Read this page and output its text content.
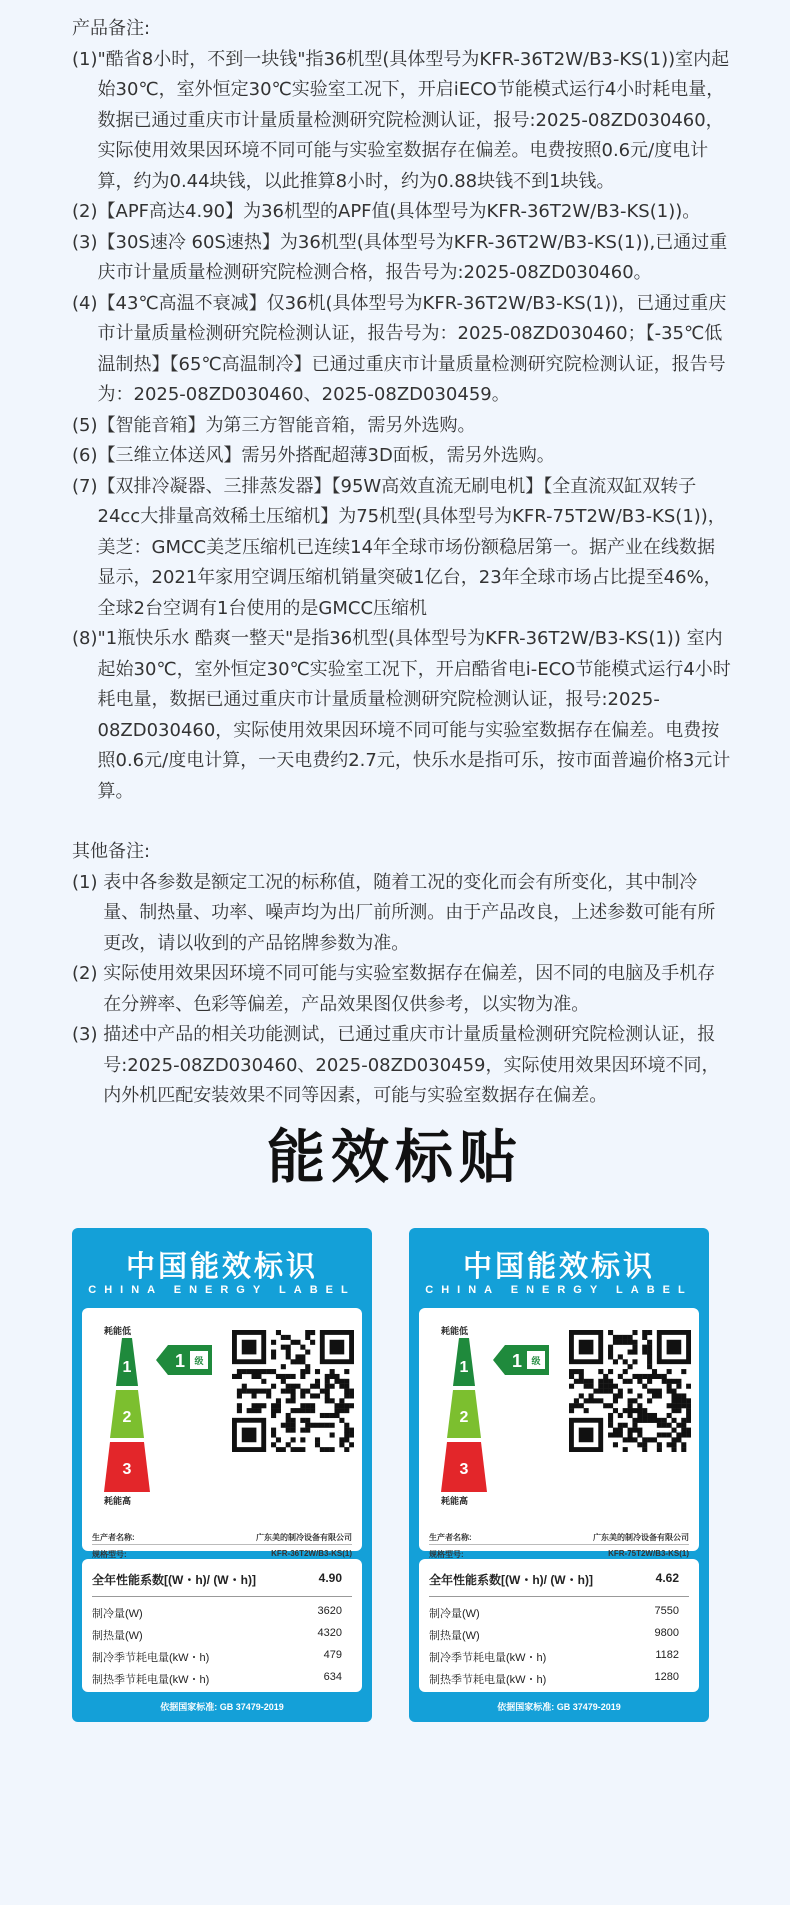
产品备注:
(1) "酷省8小时，不到一块钱"指36机型(具体型号为KFR-36T2W/B3-KS(1))室内起始30℃，室外恒定30℃实验室工况下，开启iECO节能模式运行4小时耗电量，数据已通过重庆市计量质量检测研究院检测认证，报号:2025-08ZD030460，实际使用效果因环境不同可能与实验室数据存在偏差。电费按照0.6元/度电计算，约为0.44块钱，以此推算8小时，约为0.88块钱不到1块钱。
(2) 【APF高达4.90】为36机型的APF值(具体型号为KFR-36T2W/B3-KS(1))。
(3) 【30S速冷 60S速热】为36机型(具体型号为KFR-36T2W/B3-KS(1)),已通过重庆市计量质量检测研究院检测合格，报告号为:2025-08ZD030460。
(4) 【43℃高温不衰减】仅36机(具体型号为KFR-36T2W/B3-KS(1))，已通过重庆市计量质量检测研究院检测认证，报告号为：2025-08ZD030460；【-35℃低温制热】【65℃高温制冷】已通过重庆市计量质量检测研究院检测认证，报告号为：2025-08ZD030460、2025-08ZD030459。
(5) 【智能音箱】为第三方智能音箱，需另外选购。
(6) 【三维立体送风】需另外搭配超薄3D面板，需另外选购。
(7) 【双排冷凝器、三排蒸发器】【95W高效直流无刷电机】【全直流双缸双转子24cc大排量高效稀土压缩机】为75机型(具体型号为KFR-75T2W/B3-KS(1))，美芝：GMCC美芝压缩机已连续14年全球市场份额稳居第一。据产业在线数据显示，2021年家用空调压缩机销量突破1亿台，23年全球市场占比提至46%，全球2台空调有1台使用的是GMCC压缩机
(8) "1瓶快乐水 酷爽一整天"是指36机型(具体型号为KFR-36T2W/B3-KS(1)) 室内起始30℃，室外恒定30℃实验室工况下，开启酷省电i-ECO节能模式运行4小时耗电量，数据已通过重庆市计量质量检测研究院检测认证，报号:2025-08ZD030460，实际使用效果因环境不同可能与实验室数据存在偏差。电费按照0.6元/度电计算，一天电费约2.7元，快乐水是指可乐，按市面普遍价格3元计算。
其他备注:
(1) 表中各参数是额定工况的标称值，随着工况的变化而会有所变化，其中制冷量、制热量、功率、噪声均为出厂前所测。由于产品改良，上述参数可能有所更改，请以收到的产品铭牌参数为准。
(2) 实际使用效果因环境不同可能与实验室数据存在偏差，因不同的电脑及手机存在分辨率、色彩等偏差，产品效果图仅供参考，以实物为准。
(3) 描述中产品的相关功能测试，已通过重庆市计量质量检测研究院检测认证，报号:2025-08ZD030460、2025-08ZD030459，实际使用效果因环境不同，内外机匹配安装效果不同等因素，可能与实验室数据存在偏差。
能效标贴
中国能效标识
CHINA ENERGY LABEL
耗能低
1
2
3
1 级
耗能高
生产者名称:	广东美的制冷设备有限公司
规格型号:	KFR-36T2W/B3-KS(1)
全年性能系数[(W・h)/ (W・h)]	4.90
制冷量(W)	3620
制热量(W)	4320
制冷季节耗电量(kW・h)	479
制热季节耗电量(kW・h)	634
依据国家标准: GB 37479-2019
中国能效标识
CHINA ENERGY LABEL
耗能低
1
2
3
1 级
耗能高
生产者名称:	广东美的制冷设备有限公司
规格型号:	KFR-75T2W/B3-KS(1)
全年性能系数[(W・h)/ (W・h)]	4.62
制冷量(W)	7550
制热量(W)	9800
制冷季节耗电量(kW・h)	1182
制热季节耗电量(kW・h)	1280
依据国家标准: GB 37479-2019
